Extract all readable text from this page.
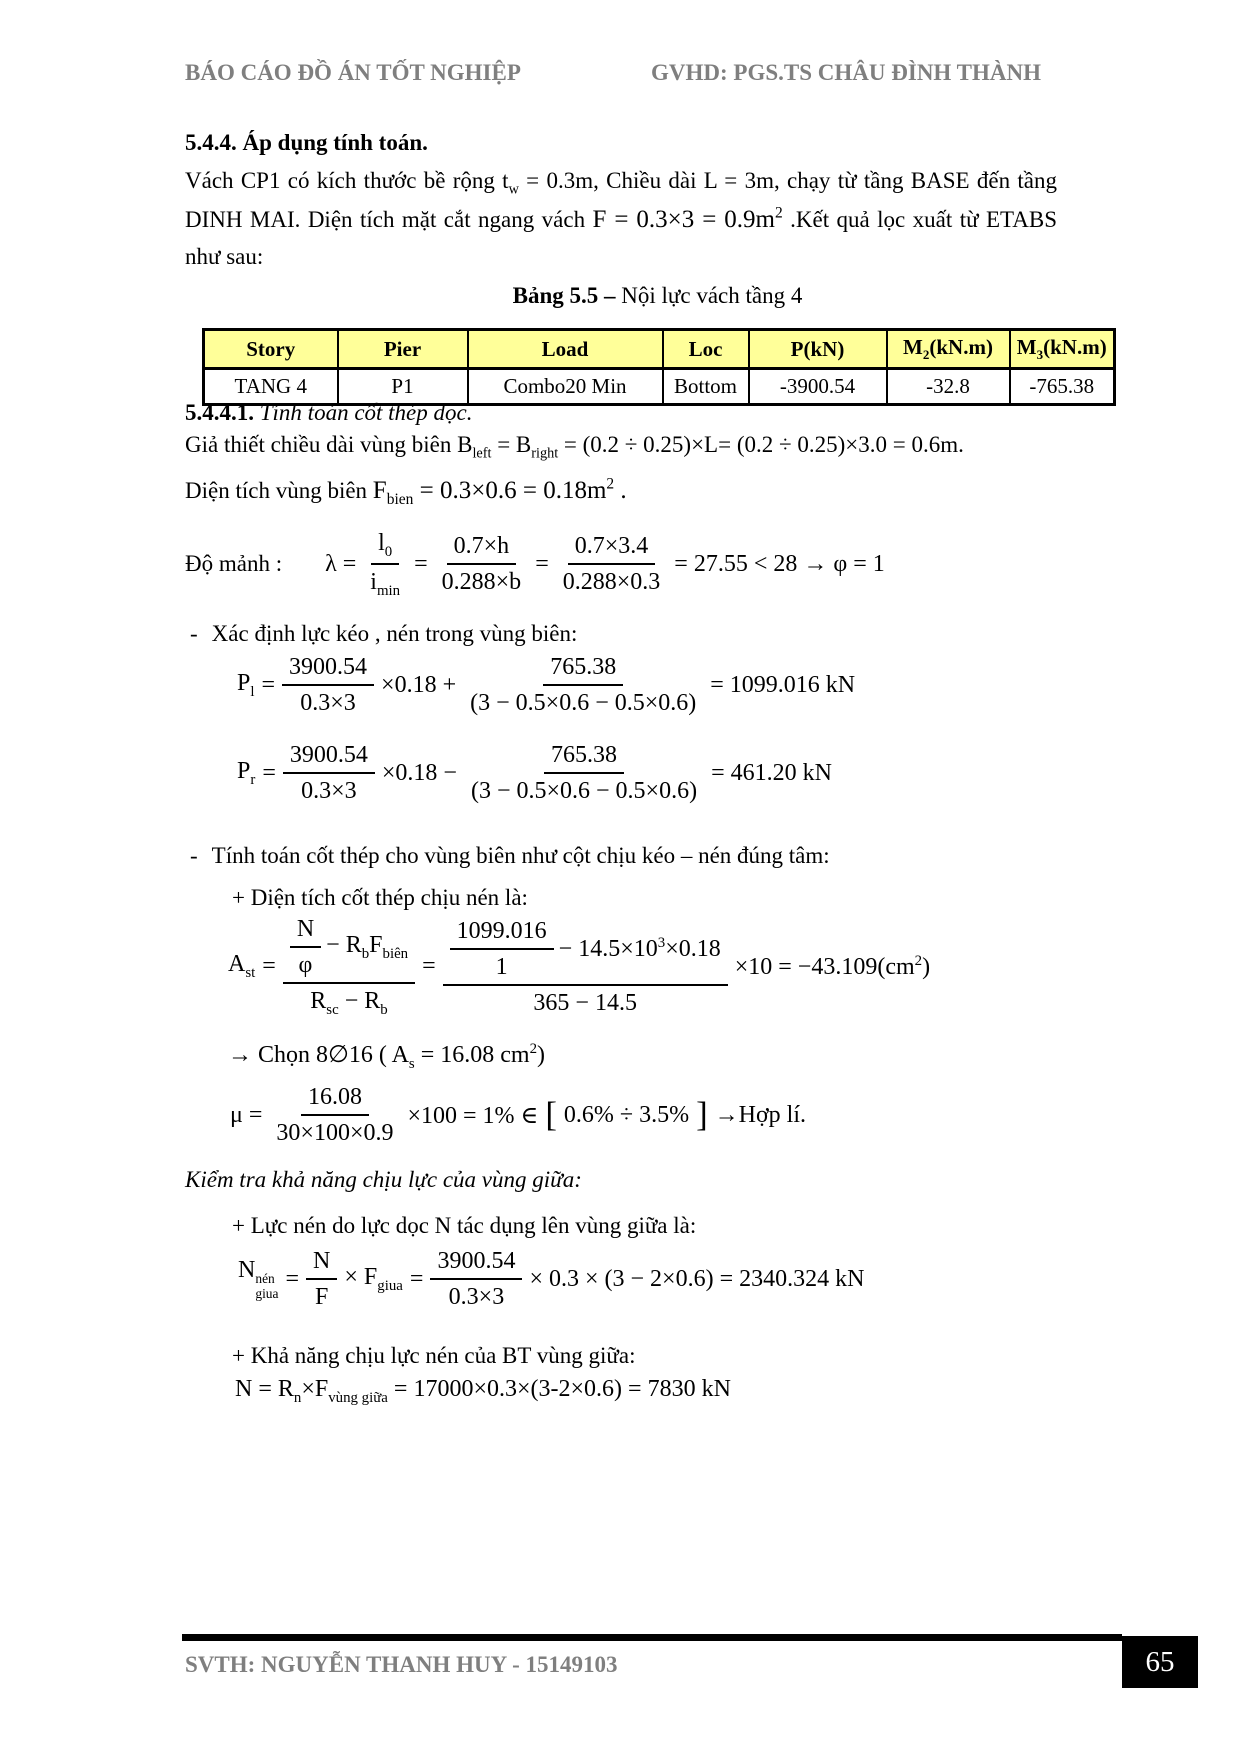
BÁO CÁO ĐỒ ÁN TỐT NGHIỆP	GVHD: PGS.TS CHÂU ĐÌNH THÀNH
5.4.4. Áp dụng tính toán.
Vách CP1 có kích thước bề rộng $t_w = 0.3m$, Chiều dài L = 3m, chạy từ tầng BASE đến tầng DINH MAI. Diện tích mặt cắt ngang vách $F = 0.3\times 3 = 0.9m^2$ .Kết quả lọc xuất từ ETABS như sau:
Bảng 5.5 – Nội lực vách tầng 4
Story	Pier	Load	Loc	P(kN)	$M_2(kN.m)$	$M_3(kN.m)$
TANG 4	P1	Combo20 Min	Bottom	-3900.54	-32.8	-765.38
5.4.4.1. Tính toán cốt thép dọc.
Giả thiết chiều dài vùng biên $B_{left} = B_{right} = (0.2 \div 0.25)\times L= (0.2 \div 0.25)\times 3.0 = 0.6m$.
Diện tích vùng biên $F_{bien} = 0.3\times 0.6 = 0.18m^2$ .
Độ mảnh : $\lambda = \frac{l_0}{i_{min}} = \frac{0.7\times h}{0.288\times b} = \frac{0.7\times 3.4}{0.288\times 0.3} = 27.55 < 28 \to \varphi = 1$
- Xác định lực kéo , nén trong vùng biên:
$P_l = \frac{3900.54}{0.3\times 3} \times 0.18 + \frac{765.38}{(3 - 0.5\times 0.6 - 0.5\times 0.6)} = 1099.016$ kN
$P_r = \frac{3900.54}{0.3\times 3} \times 0.18 - \frac{765.38}{(3 - 0.5\times 0.6 - 0.5\times 0.6)} = 461.20$ kN
- Tính toán cốt thép cho vùng biên như cột chịu kéo – nén đúng tâm:
+ Diện tích cốt thép chịu nén là:
$A_{st} = \frac{\frac{N}{\varphi} - R_bF_{biên}}{R_{sc} - R_b} = \frac{\frac{1099.016}{1} - 14.5\times 10^3\times 0.18}{365 - 14.5} \times 10 = -43.109(cm^2)$
→ Chọn 8∅16 ( $A_s = 16.08$ $cm^2$)
$\mu = \frac{16.08}{30\times 100\times 0.9} \times 100 = 1\%$ ∈ [ 0.6% ÷ 3.5% ] →Hợp lí.
Kiểm tra khả năng chịu lực của vùng giữa:
+ Lực nén do lực dọc N tác dụng lên vùng giữa là:
N nén
giua
= $\frac{N}{F} \times F_{giua} = \frac{3900.54}{0.3\times 3} \times 0.3 \times (3 - 2\times 0.6) = 2340.324$ kN
+ Khả năng chịu lực nén của BT vùng giữa:
$N = R_n\times F_{vùng giữa} = 17000\times 0.3\times(3-2\times 0.6) = 7830$ kN
SVTH: NGUYỄN THANH HUY - 15149103	65
